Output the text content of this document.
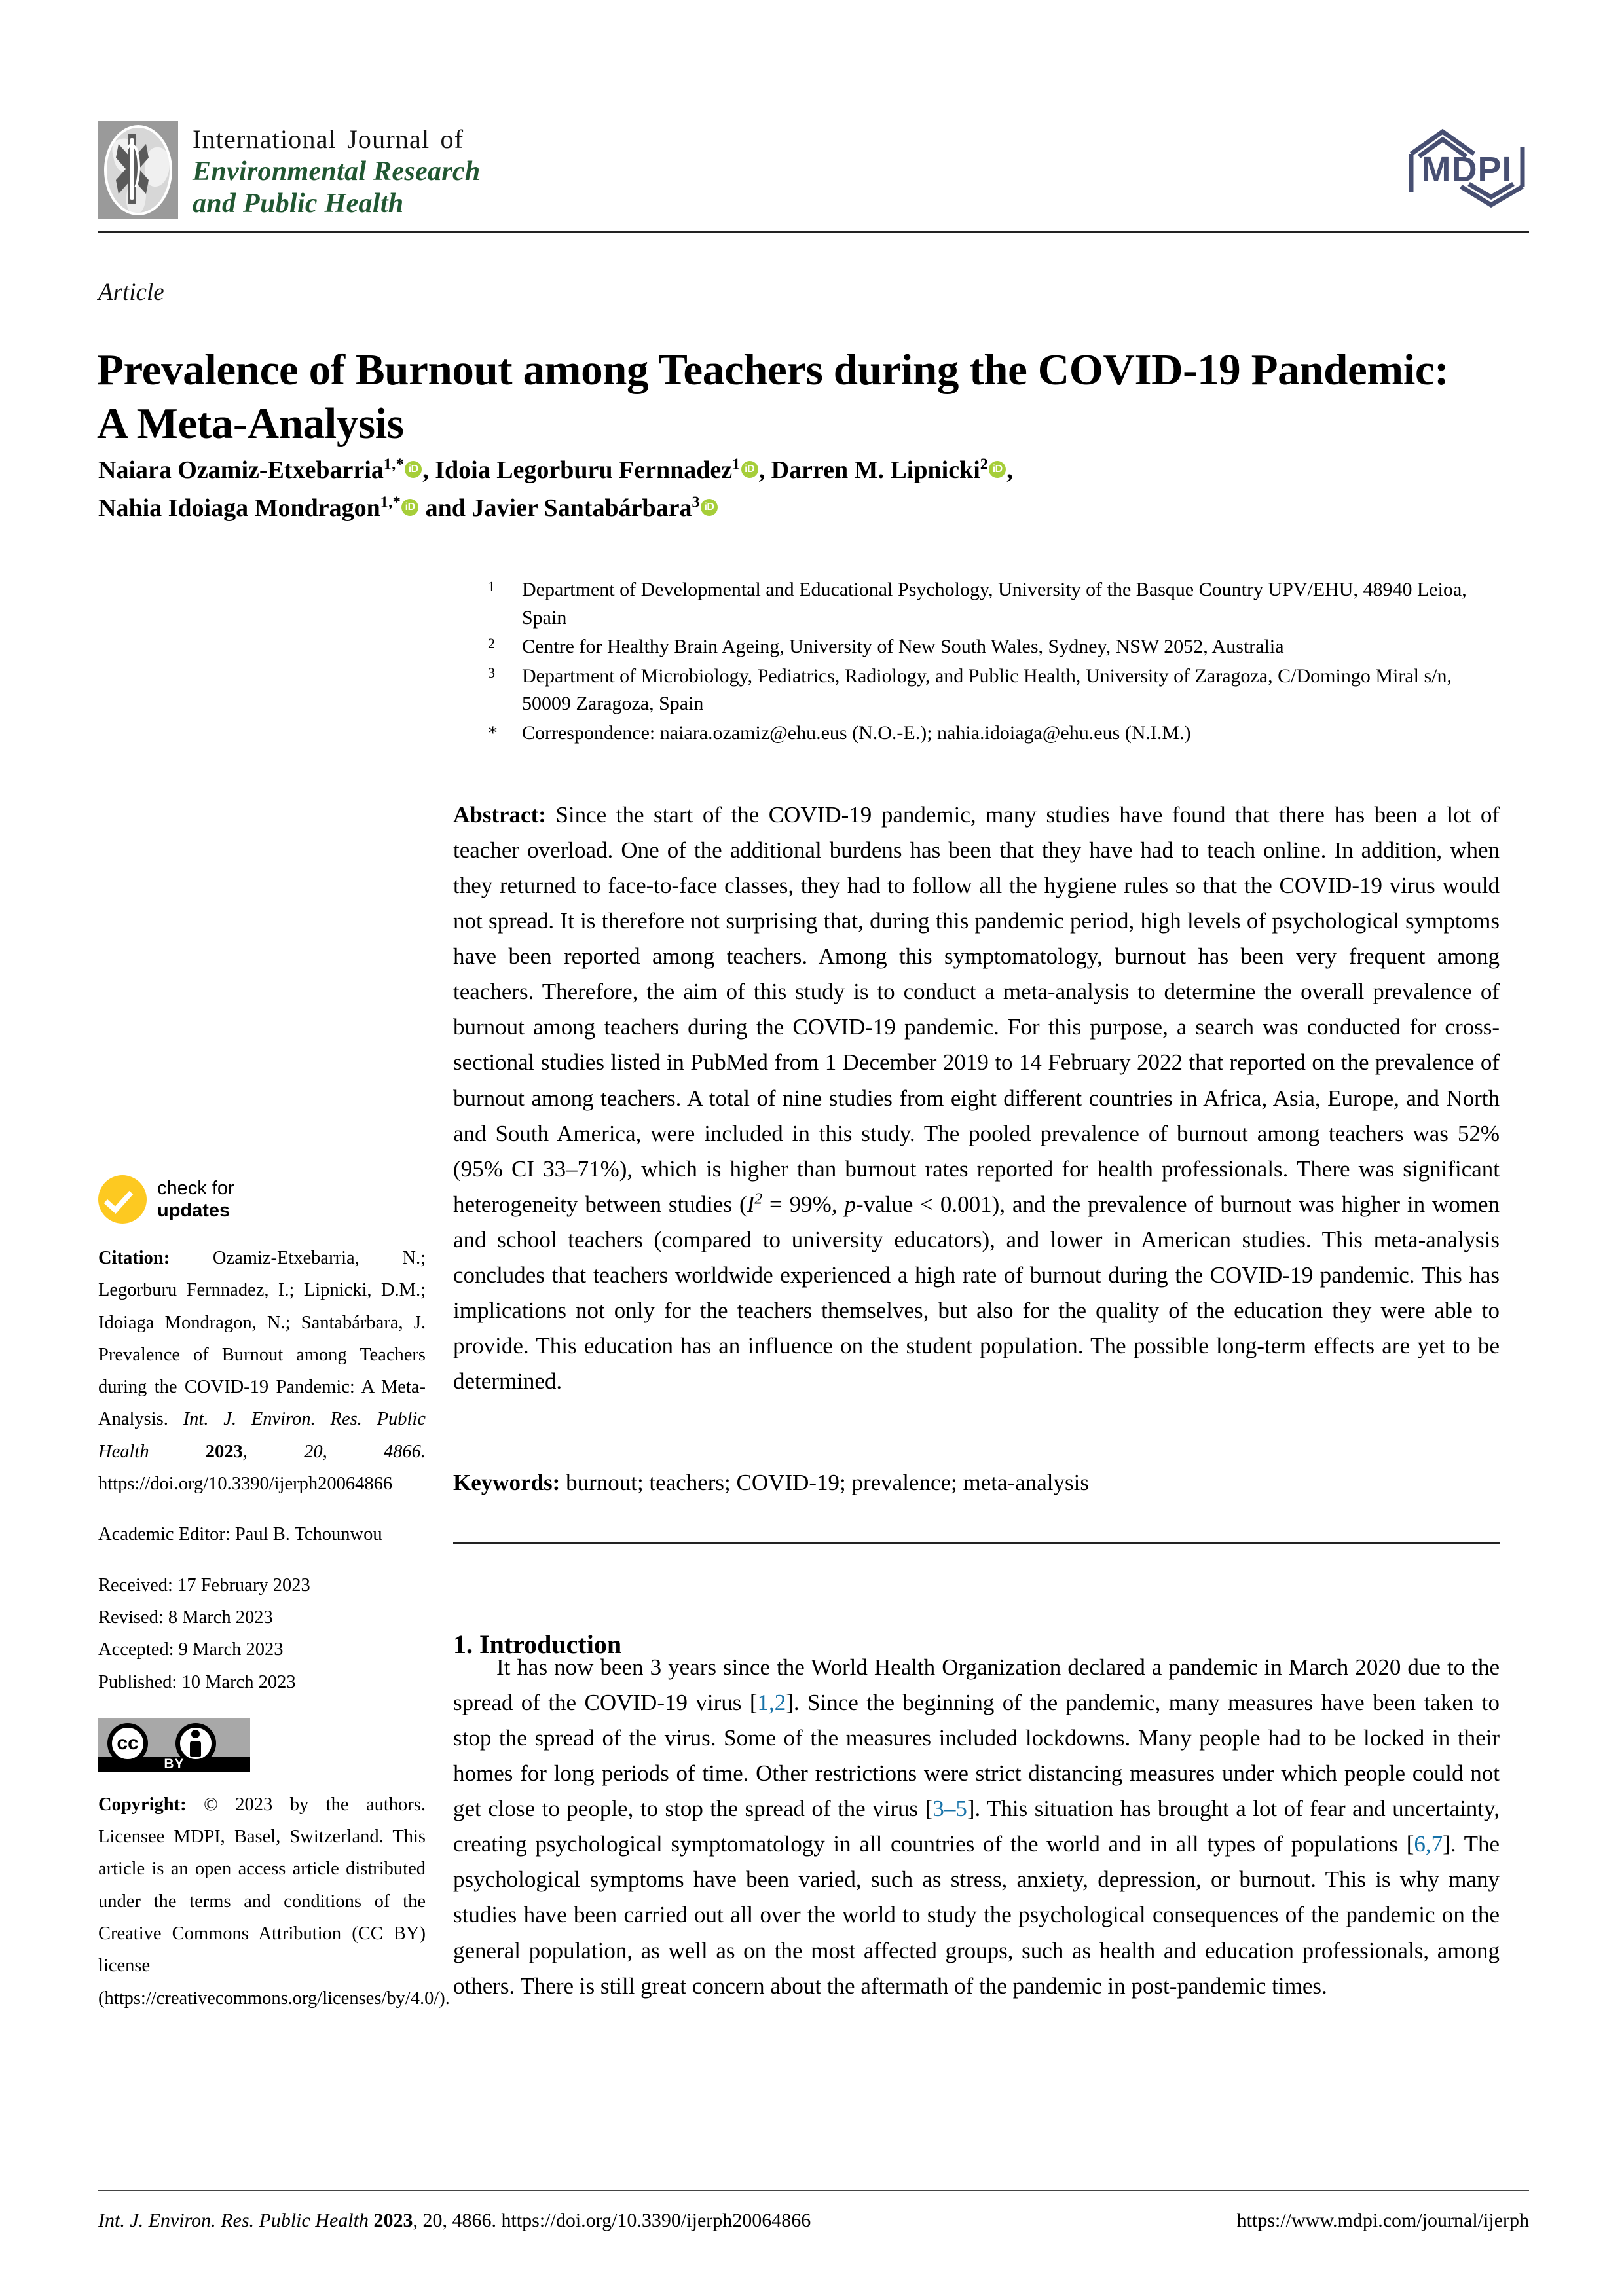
International Journal of
Environmental Research
and Public Health
MDPI
Article
Prevalence of Burnout among Teachers during the COVID-19 Pandemic: A Meta-Analysis
Naiara Ozamiz-Etxebarria$^{1,*}$ iD , Idoia Legorburu Fernnadez$^1$ iD , Darren M. Lipnicki$^2$ iD ,
Nahia Idoiaga Mondragon$^{1,*}$ iD and Javier Santabárbara$^3$ iD
1	Department of Developmental and Educational Psychology, University of the Basque Country UPV/EHU, 48940 Leioa, Spain
2	Centre for Healthy Brain Ageing, University of New South Wales, Sydney, NSW 2052, Australia
3	Department of Microbiology, Pediatrics, Radiology, and Public Health, University of Zaragoza, C/Domingo Miral s/n, 50009 Zaragoza, Spain
*	Correspondence: naiara.ozamiz@ehu.eus (N.O.-E.); nahia.idoiaga@ehu.eus (N.I.M.)
Abstract: Since the start of the COVID-19 pandemic, many studies have found that there has been a lot of teacher overload. One of the additional burdens has been that they have had to teach online. In addition, when they returned to face-to-face classes, they had to follow all the hygiene rules so that the COVID-19 virus would not spread. It is therefore not surprising that, during this pandemic period, high levels of psychological symptoms have been reported among teachers. Among this symptomatology, burnout has been very frequent among teachers. Therefore, the aim of this study is to conduct a meta-analysis to determine the overall prevalence of burnout among teachers during the COVID-19 pandemic. For this purpose, a search was conducted for cross-sectional studies listed in PubMed from 1 December 2019 to 14 February 2022 that reported on the prevalence of burnout among teachers. A total of nine studies from eight different countries in Africa, Asia, Europe, and North and South America, were included in this study. The pooled prevalence of burnout among teachers was 52% (95% CI 33–71%), which is higher than burnout rates reported for health professionals. There was significant heterogeneity between studies ($I^2 = 99\%$, p-value < 0.001), and the prevalence of burnout was higher in women and school teachers (compared to university educators), and lower in American studies. This meta-analysis concludes that teachers worldwide experienced a high rate of burnout during the COVID-19 pandemic. This has implications not only for the teachers themselves, but also for the quality of the education they were able to provide. This education has an influence on the student population. The possible long-term effects are yet to be determined.
Keywords: burnout; teachers; COVID-19; prevalence; meta-analysis
1. Introduction
It has now been 3 years since the World Health Organization declared a pandemic in March 2020 due to the spread of the COVID-19 virus [1,2]. Since the beginning of the pandemic, many measures have been taken to stop the spread of the virus. Some of the measures included lockdowns. Many people had to be locked in their homes for long periods of time. Other restrictions were strict distancing measures under which people could not get close to people, to stop the spread of the virus [3–5]. This situation has brought a lot of fear and uncertainty, creating psychological symptomatology in all countries of the world and in all types of populations [6,7]. The psychological symptoms have been varied, such as stress, anxiety, depression, or burnout. This is why many studies have been carried out all over the world to study the psychological consequences of the pandemic on the general population, as well as on the most affected groups, such as health and education professionals, among others. There is still great concern about the aftermath of the pandemic in post-pandemic times.
check for
updates
Citation: Ozamiz-Etxebarria, N.; Legorburu Fernnadez, I.; Lipnicki, D.M.; Idoiaga Mondragon, N.; Santabárbara, J. Prevalence of Burnout among Teachers during the COVID-19 Pandemic: A Meta-Analysis. Int. J. Environ. Res. Public Health 2023, 20, 4866. https://doi.org/10.3390/ijerph20064866
Academic Editor: Paul B. Tchounwou
Received: 17 February 2023
Revised: 8 March 2023
Accepted: 9 March 2023
Published: 10 March 2023
cc
BY
Copyright: © 2023 by the authors. Licensee MDPI, Basel, Switzerland. This article is an open access article distributed under the terms and conditions of the Creative Commons Attribution (CC BY) license (https://creativecommons.org/licenses/by/4.0/).
Int. J. Environ. Res. Public Health 2023, 20, 4866. https://doi.org/10.3390/ijerph20064866	https://www.mdpi.com/journal/ijerph
